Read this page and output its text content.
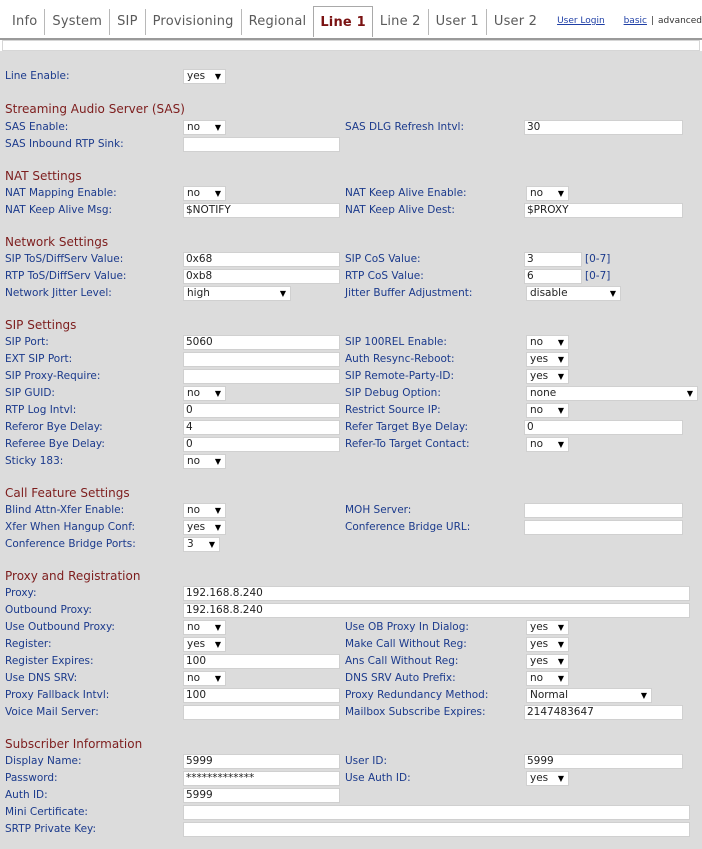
Info	System	SIP	Provisioning	Regional	Line 1	Line 2	User 1	User 2	User Login basic | advanced
Line Enable:	yes ▼
Streaming Audio Server (SAS)
SAS Enable:	no ▼	SAS DLG Refresh Intvl:	30
SAS Inbound RTP Sink:
NAT Settings
NAT Mapping Enable:	no ▼	NAT Keep Alive Enable:	no ▼
NAT Keep Alive Msg:	$NOTIFY	NAT Keep Alive Dest:	$PROXY
Network Settings
SIP ToS/DiffServ Value:	0x68	SIP CoS Value:	3	[0-7]
RTP ToS/DiffServ Value:	0xb8	RTP CoS Value:	6	[0-7]
Network Jitter Level:	high	▼	Jitter Buffer Adjustment:	disable	▼
SIP Settings
SIP Port:	5060	SIP 100REL Enable:	no ▼
EXT SIP Port:	Auth Resync-Reboot:	yes ▼
SIP Proxy-Require:	SIP Remote-Party-ID:	yes ▼
SIP GUID:	no ▼	SIP Debug Option:	none	▼
RTP Log Intvl:	0	Restrict Source IP:	no ▼
Referor Bye Delay:	4	Refer Target Bye Delay:	0
Referee Bye Delay:	0	Refer-To Target Contact:	no ▼
Sticky 183:	no ▼
Call Feature Settings
Blind Attn-Xfer Enable:	no ▼	MOH Server:
Xfer When Hangup Conf:	yes ▼	Conference Bridge URL:
Conference Bridge Ports:	3 ▼
Proxy and Registration
Proxy:	192.168.8.240
Outbound Proxy:	192.168.8.240
Use Outbound Proxy:	no ▼	Use OB Proxy In Dialog:	yes ▼
Register:	yes ▼	Make Call Without Reg:	yes ▼
Register Expires:	100	Ans Call Without Reg:	yes ▼
Use DNS SRV:	no ▼	DNS SRV Auto Prefix:	no ▼
Proxy Fallback Intvl:	100	Proxy Redundancy Method:	Normal	▼
Voice Mail Server:	Mailbox Subscribe Expires:	2147483647
Subscriber Information
Display Name:	5999	User ID:	5999
Password:	*************	Use Auth ID:	yes ▼
Auth ID:	5999
Mini Certificate:
SRTP Private Key:
